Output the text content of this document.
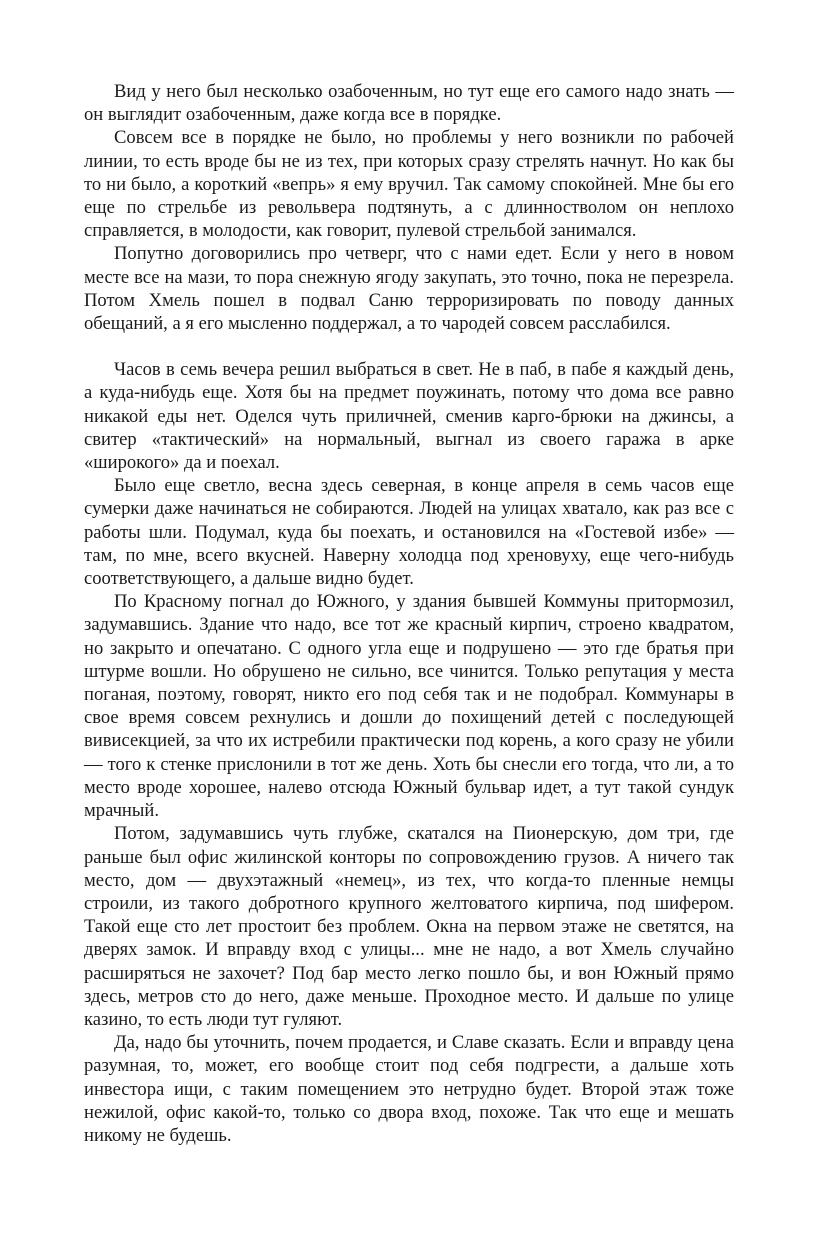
Вид у него был несколько озабоченным, но тут еще его самого надо знать — он выглядит озабоченным, даже когда все в порядке.

Совсем все в порядке не было, но проблемы у него возникли по рабочей линии, то есть вроде бы не из тех, при которых сразу стрелять начнут. Но как бы то ни было, а короткий «вепрь» я ему вручил. Так самому спокойней. Мне бы его еще по стрельбе из револьвера подтянуть, а с длинностволом он неплохо справляется, в молодости, как говорит, пулевой стрельбой занимался.

Попутно договорились про четверг, что с нами едет. Если у него в новом месте все на мази, то пора снежную ягоду закупать, это точно, пока не перезрела. Потом Хмель пошел в подвал Саню терроризировать по поводу данных обещаний, а я его мысленно поддержал, а то чародей совсем расслабился.

Часов в семь вечера решил выбраться в свет. Не в паб, в пабе я каждый день, а куда-нибудь еще. Хотя бы на предмет поужинать, потому что дома все равно никакой еды нет. Оделся чуть приличней, сменив карго-брюки на джинсы, а свитер «тактический» на нормальный, выгнал из своего гаража в арке «широкого» да и поехал.

Было еще светло, весна здесь северная, в конце апреля в семь часов еще сумерки даже начинаться не собираются. Людей на улицах хватало, как раз все с работы шли. Подумал, куда бы поехать, и остановился на «Гостевой избе» — там, по мне, всего вкусней. Наверну холодца под хреновуху, еще чего-нибудь соответствующего, а дальше видно будет.

По Красному погнал до Южного, у здания бывшей Коммуны притормозил, задумавшись. Здание что надо, все тот же красный кирпич, строено квадратом, но закрыто и опечатано. С одного угла еще и подрушено — это где братья при штурме вошли. Но обрушено не сильно, все чинится. Только репутация у места поганая, поэтому, говорят, никто его под себя так и не подобрал. Коммунары в свое время совсем рехнулись и дошли до похищений детей с последующей вивисекцией, за что их истребили практически под корень, а кого сразу не убили — того к стенке прислонили в тот же день. Хоть бы снесли его тогда, что ли, а то место вроде хорошее, налево отсюда Южный бульвар идет, а тут такой сундук мрачный.

Потом, задумавшись чуть глубже, скатался на Пионерскую, дом три, где раньше был офис жилинской конторы по сопровождению грузов. А ничего так место, дом — двухэтажный «немец», из тех, что когда-то пленные немцы строили, из такого добротного крупного желтоватого кирпича, под шифером. Такой еще сто лет простоит без проблем. Окна на первом этаже не светятся, на дверях замок. И вправду вход с улицы... мне не надо, а вот Хмель случайно расширяться не захочет? Под бар место легко пошло бы, и вон Южный прямо здесь, метров сто до него, даже меньше. Проходное место. И дальше по улице казино, то есть люди тут гуляют.

Да, надо бы уточнить, почем продается, и Славе сказать. Если и вправду цена разумная, то, может, его вообще стоит под себя подгрести, а дальше хоть инвестора ищи, с таким помещением это нетрудно будет. Второй этаж тоже нежилой, офис какой-то, только со двора вход, похоже. Так что еще и мешать никому не будешь.
